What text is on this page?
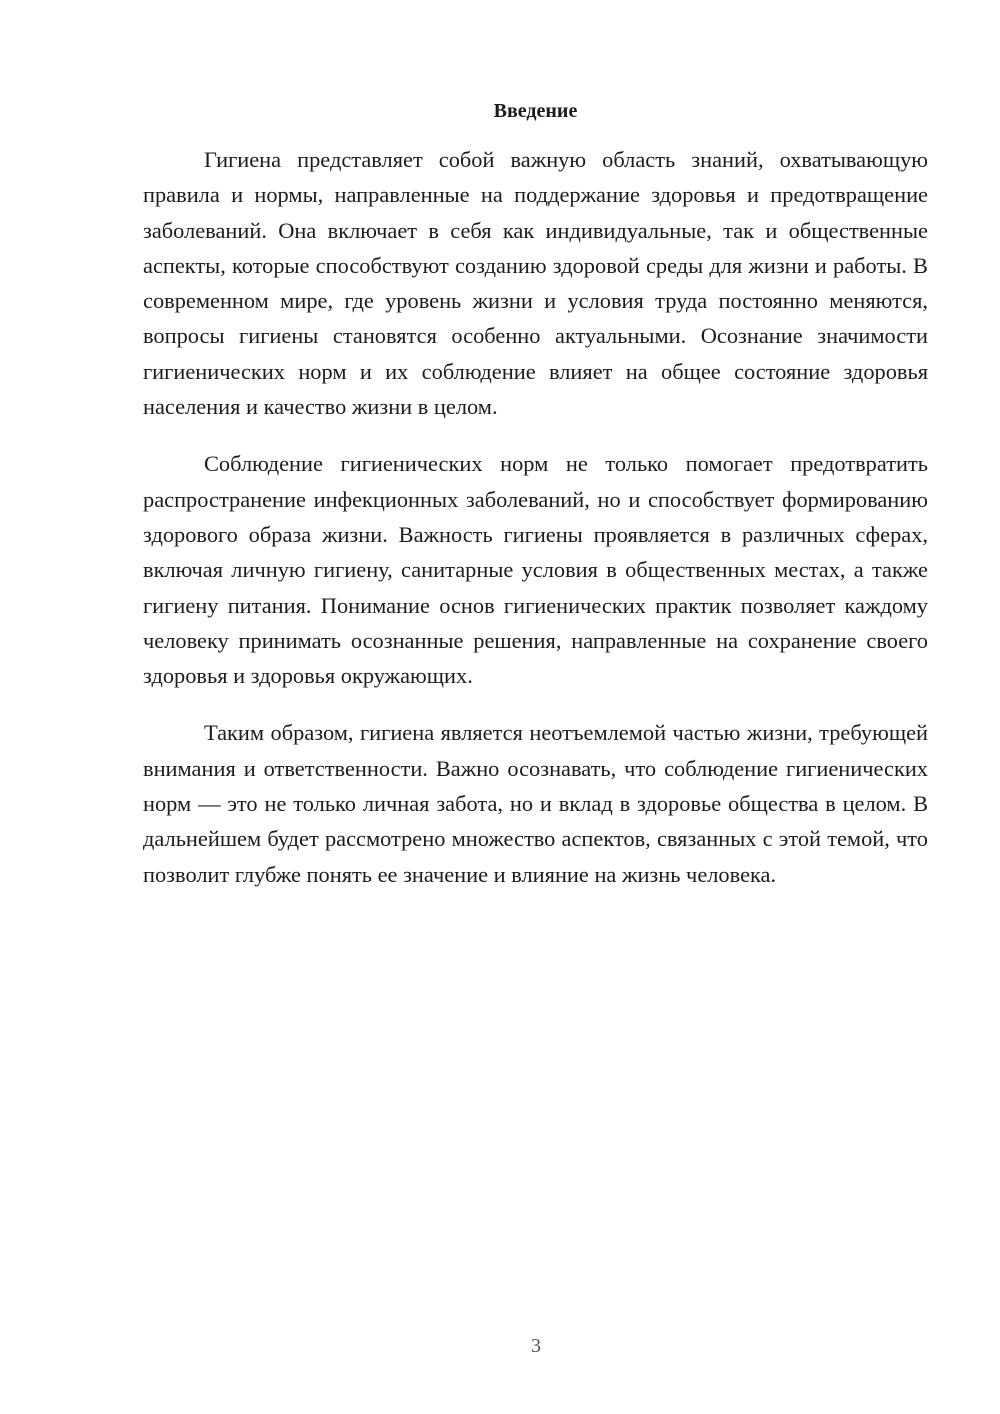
Введение

Гигиена представляет собой важную область знаний, охватывающую правила и нормы, направленные на поддержание здоровья и предотвращение заболеваний. Она включает в себя как индивидуальные, так и общественные аспекты, которые способствуют созданию здоровой среды для жизни и работы. В современном мире, где уровень жизни и условия труда постоянно меняются, вопросы гигиены становятся особенно актуальными. Осознание значимости гигиенических норм и их соблюдение влияет на общее состояние здоровья населения и качество жизни в целом.

Соблюдение гигиенических норм не только помогает предотвратить распространение инфекционных заболеваний, но и способствует формированию здорового образа жизни. Важность гигиены проявляется в различных сферах, включая личную гигиену, санитарные условия в общественных местах, а также гигиену питания. Понимание основ гигиенических практик позволяет каждому человеку принимать осознанные решения, направленные на сохранение своего здоровья и здоровья окружающих.

Таким образом, гигиена является неотъемлемой частью жизни, требующей внимания и ответственности. Важно осознавать, что соблюдение гигиенических норм — это не только личная забота, но и вклад в здоровье общества в целом. В дальнейшем будет рассмотрено множество аспектов, связанных с этой темой, что позволит глубже понять ее значение и влияние на жизнь человека.

3
